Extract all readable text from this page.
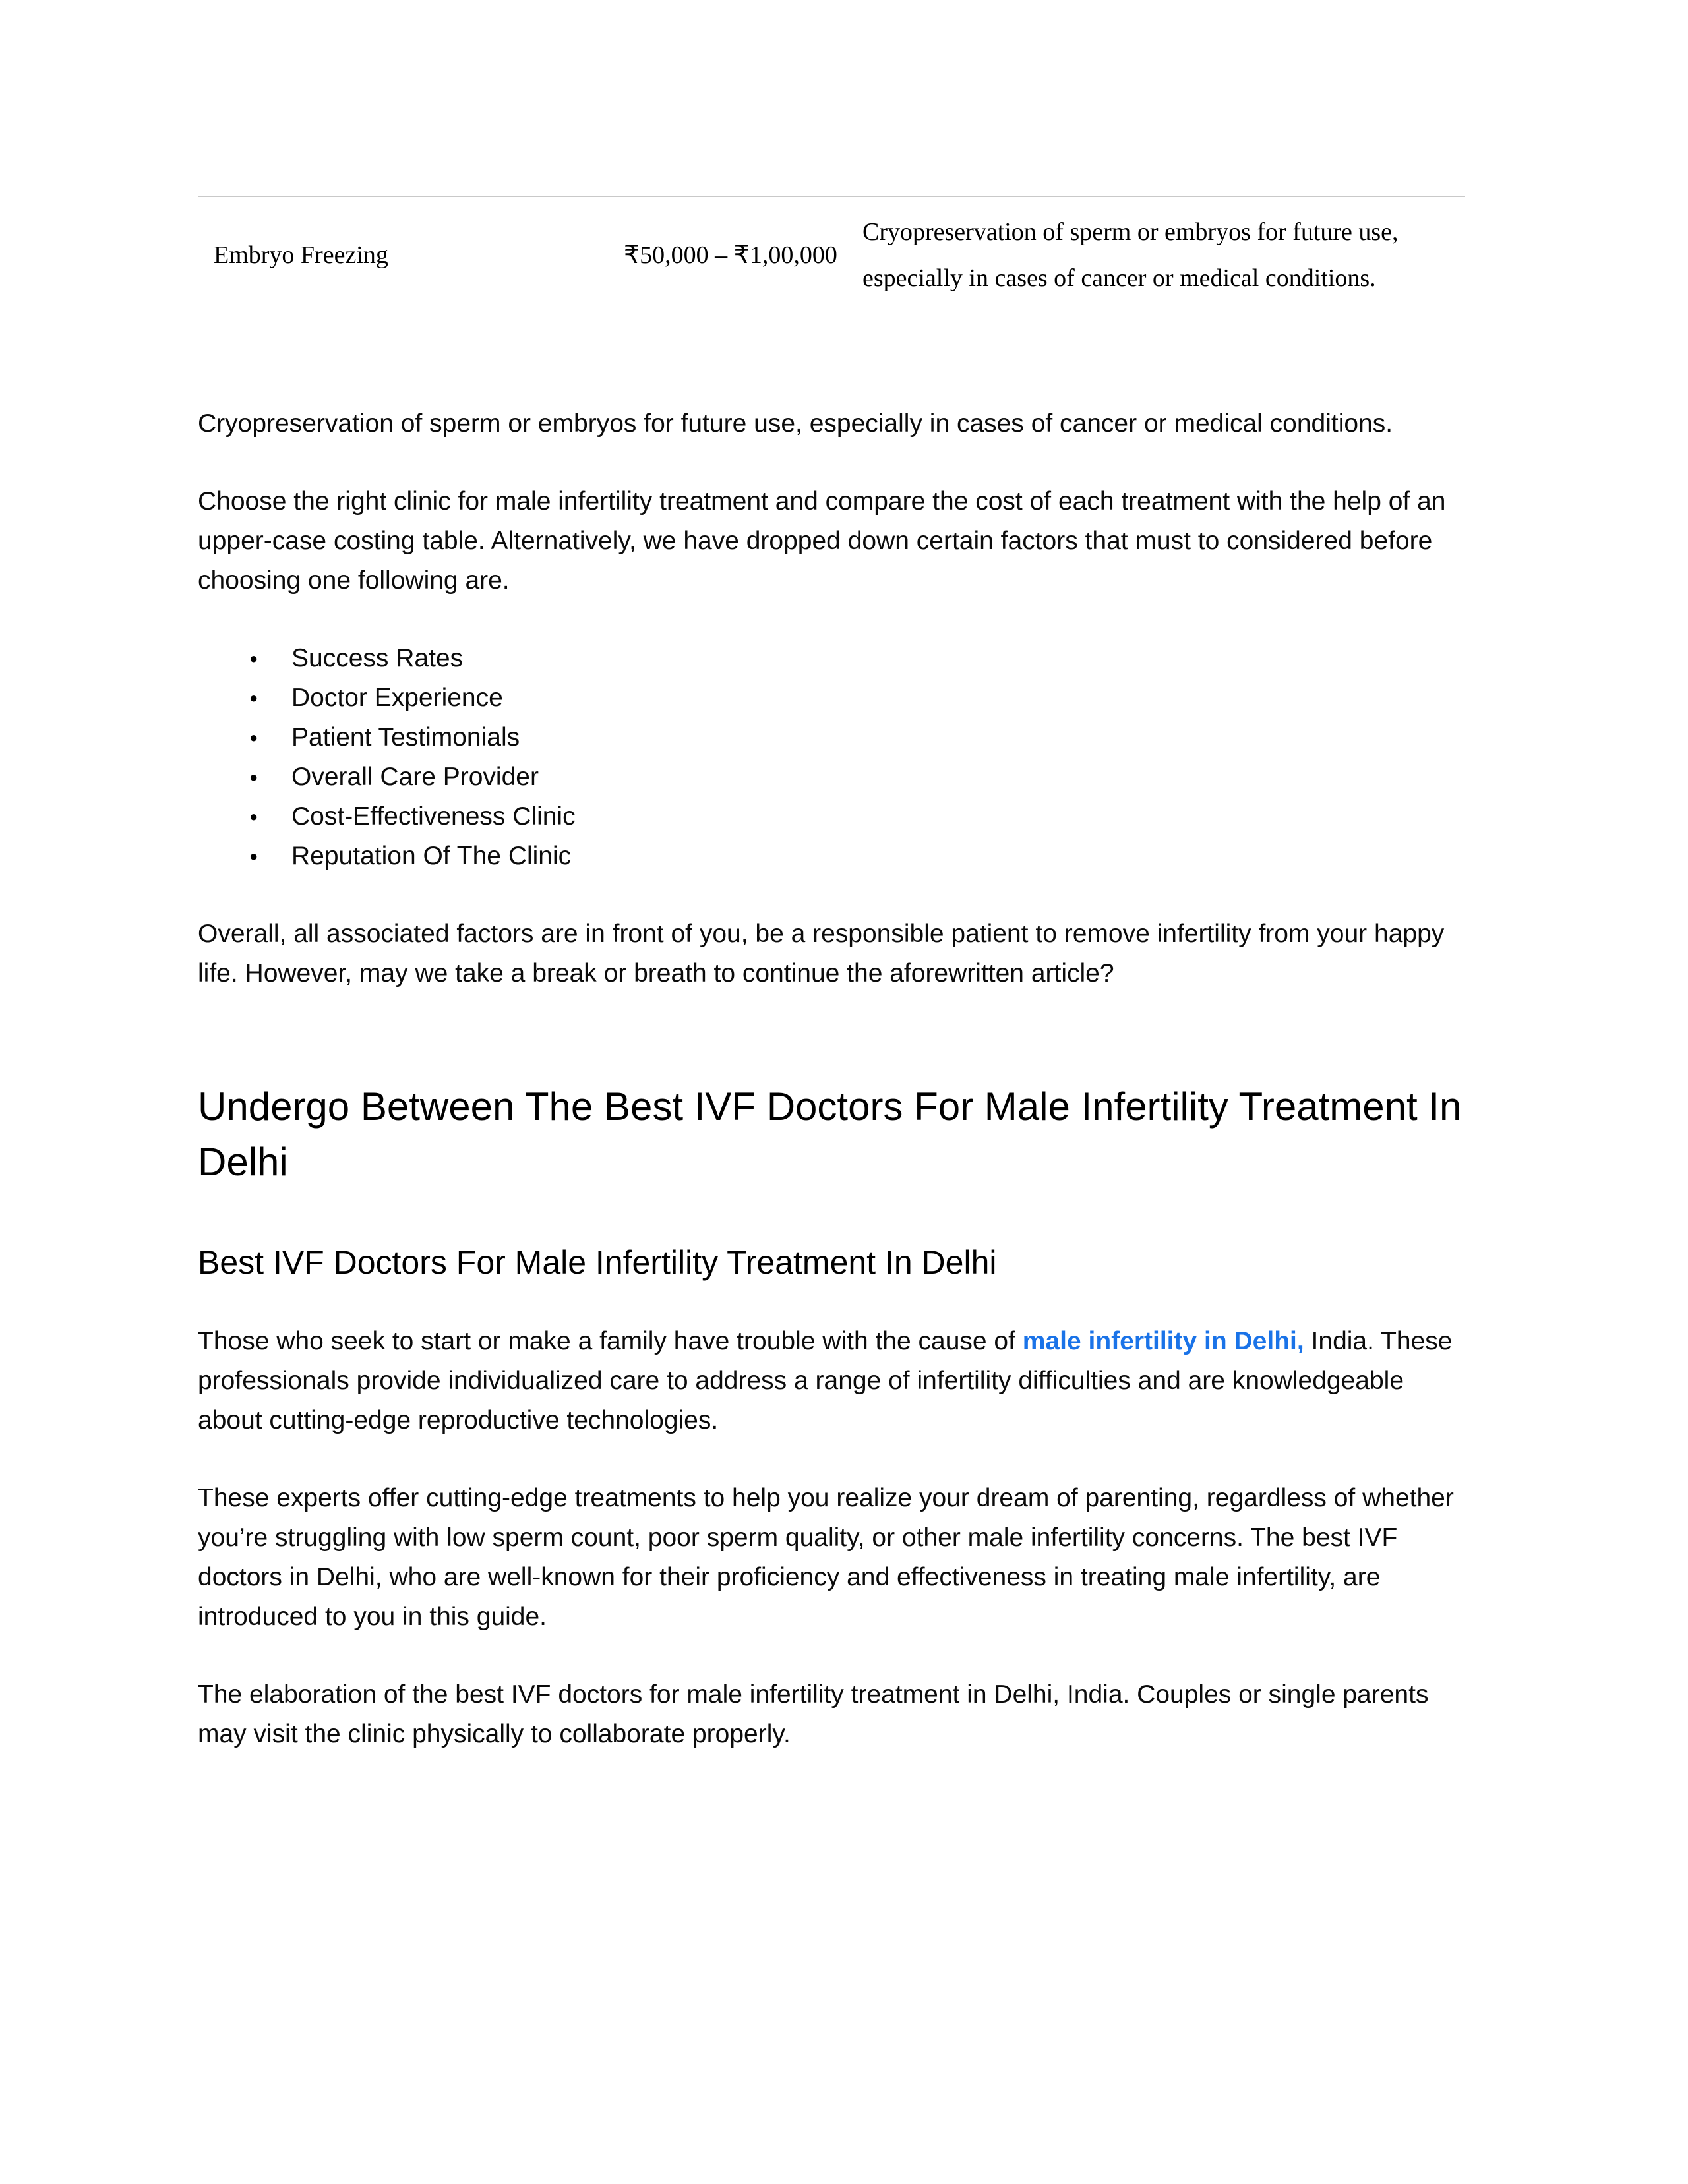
Embryo Freezing	₹50,000 – ₹1,00,000
Cryopreservation of sperm or embryos for future use, especially in cases of cancer or medical conditions.

Cryopreservation of sperm or embryos for future use, especially in cases of cancer or medical conditions.

Choose the right clinic for male infertility treatment and compare the cost of each treatment with the help of an upper-case costing table. Alternatively, we have dropped down certain factors that must to considered before choosing one following are.

● Success Rates
● Doctor Experience
● Patient Testimonials
● Overall Care Provider
● Cost-Effectiveness Clinic
● Reputation Of The Clinic

Overall, all associated factors are in front of you, be a responsible patient to remove infertility from your happy life. However, may we take a break or breath to continue the aforewritten article?

Undergo Between The Best IVF Doctors For Male Infertility Treatment In Delhi
Best IVF Doctors For Male Infertility Treatment In Delhi

Those who seek to start or make a family have trouble with the cause of male infertility in Delhi, India. These professionals provide individualized care to address a range of infertility difficulties and are knowledgeable about cutting-edge reproductive technologies.

These experts offer cutting-edge treatments to help you realize your dream of parenting, regardless of whether you’re struggling with low sperm count, poor sperm quality, or other male infertility concerns. The best IVF doctors in Delhi, who are well-known for their proficiency and effectiveness in treating male infertility, are introduced to you in this guide.

The elaboration of the best IVF doctors for male infertility treatment in Delhi, India. Couples or single parents may visit the clinic physically to collaborate properly.
